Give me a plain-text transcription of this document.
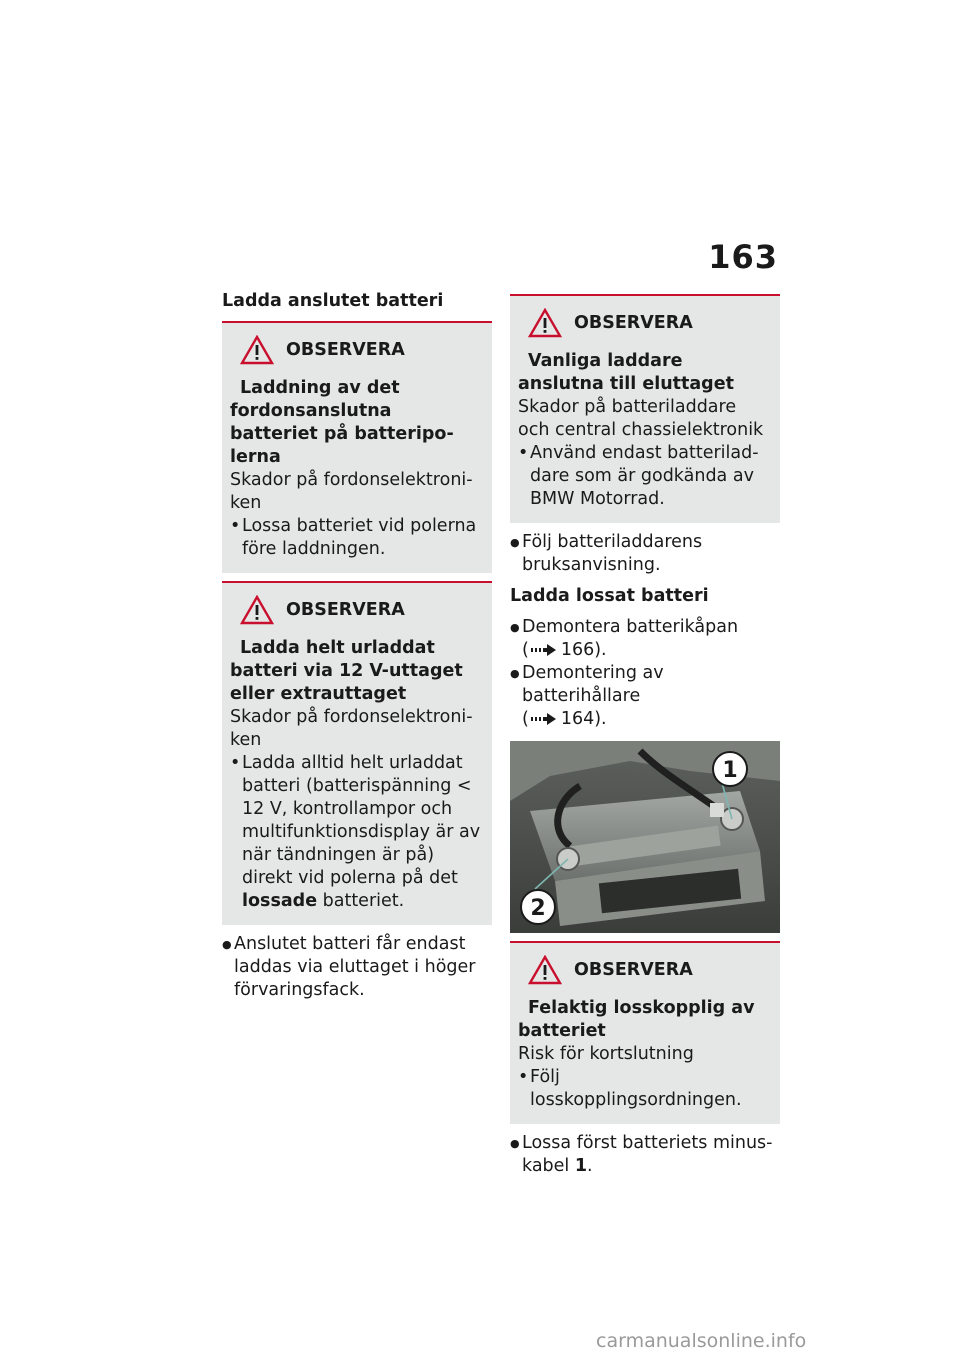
163
Ladda anslutet batteri
OBSERVERA

Laddning av det fordonsanslutna batteriet på batteripolerna

Skador på fordonselektroniken

• Lossa batteriet vid polerna före laddningen.
OBSERVERA

Ladda helt urladdat batteri via 12 V-uttaget eller extrauttaget

Skador på fordonselektroniken

• Ladda alltid helt urladdat batteri (batterispänning < 12 V, kontrollampor och multifunktionsdisplay är av när tändningen är på) direkt vid polerna på det lossade batteriet.
● Anslutet batteri får endast laddas via eluttaget i höger förvaringsfack.
OBSERVERA

Vanliga laddare anslutna till eluttaget

Skador på batteriladdare och central chassielektronik

• Använd endast batteriladdare som är godkända av BMW Motorrad.
● Följ batteriladdarens bruksanvisning.
Ladda lossat batteri
● Demontera batterikåpan
( 166).
● Demontering av batterihållare
( 164).
1
2
OBSERVERA

Felaktig losskopplig av batteriet

Risk för kortslutning

• Följ losskopplingsordningen.
● Lossa först batteriets minuskabel 1.
carmanualsonline.info
